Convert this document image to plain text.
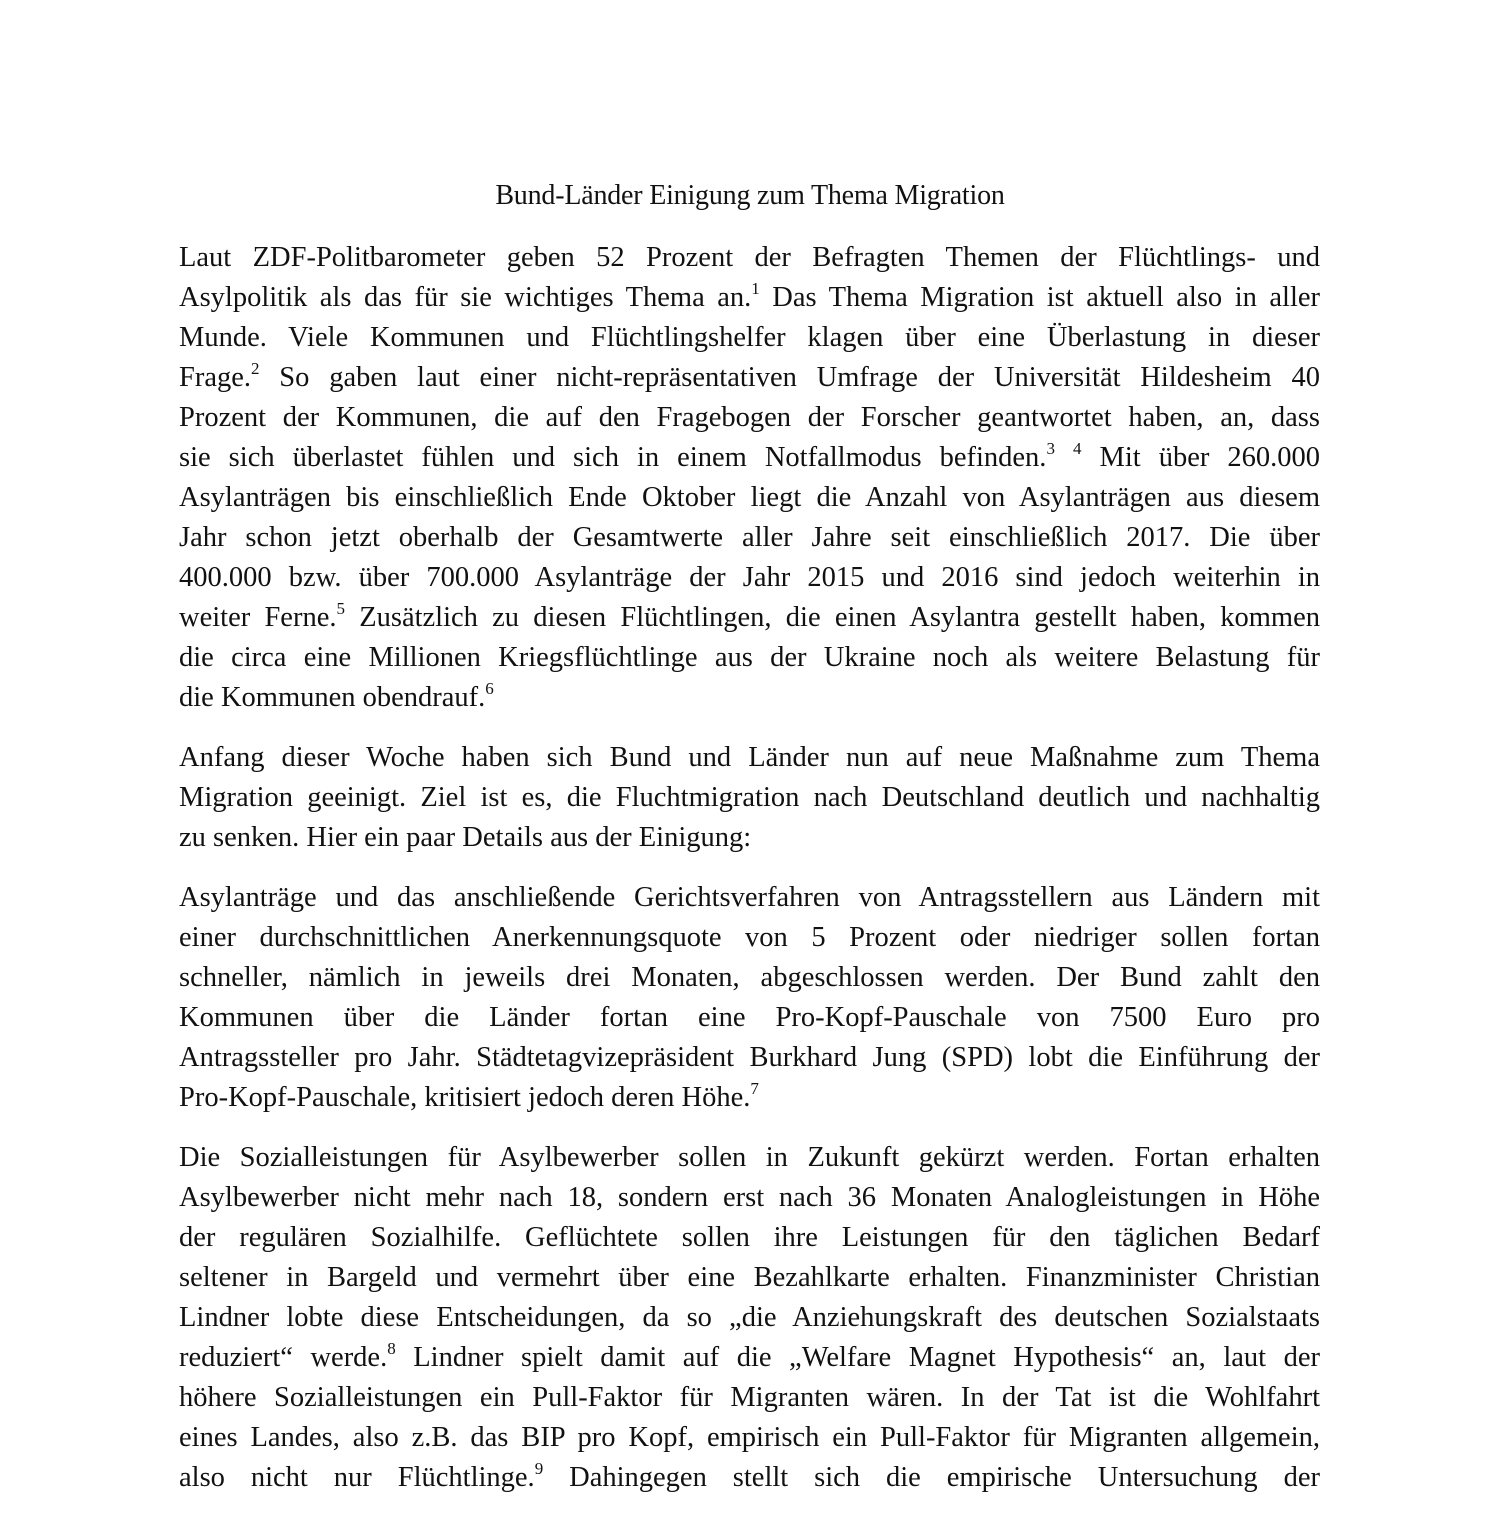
Bund-Länder Einigung zum Thema Migration
Laut ZDF-Politbarometer geben 52 Prozent der Befragten Themen der Flüchtlings- und
Asylpolitik als das für sie wichtiges Thema an.$^1$ Das Thema Migration ist aktuell also in aller
Munde. Viele Kommunen und Flüchtlingshelfer klagen über eine Überlastung in dieser
Frage.$^2$ So gaben laut einer nicht-repräsentativen Umfrage der Universität Hildesheim 40
Prozent der Kommunen, die auf den Fragebogen der Forscher geantwortet haben, an, dass
sie sich überlastet fühlen und sich in einem Notfallmodus befinden.$^3$ $^4$ Mit über 260.000
Asylanträgen bis einschließlich Ende Oktober liegt die Anzahl von Asylanträgen aus diesem
Jahr schon jetzt oberhalb der Gesamtwerte aller Jahre seit einschließlich 2017. Die über
400.000 bzw. über 700.000 Asylanträge der Jahr 2015 und 2016 sind jedoch weiterhin in
weiter Ferne.$^5$ Zusätzlich zu diesen Flüchtlingen, die einen Asylantra gestellt haben, kommen
die circa eine Millionen Kriegsflüchtlinge aus der Ukraine noch als weitere Belastung für
die Kommunen obendrauf.$^6$
Anfang dieser Woche haben sich Bund und Länder nun auf neue Maßnahme zum Thema
Migration geeinigt. Ziel ist es, die Fluchtmigration nach Deutschland deutlich und nachhaltig
zu senken. Hier ein paar Details aus der Einigung:
Asylanträge und das anschließende Gerichtsverfahren von Antragsstellern aus Ländern mit
einer durchschnittlichen Anerkennungsquote von 5 Prozent oder niedriger sollen fortan
schneller, nämlich in jeweils drei Monaten, abgeschlossen werden. Der Bund zahlt den
Kommunen über die Länder fortan eine Pro-Kopf-Pauschale von 7500 Euro pro
Antragssteller pro Jahr. Städtetagvizepräsident Burkhard Jung (SPD) lobt die Einführung der
Pro-Kopf-Pauschale, kritisiert jedoch deren Höhe.$^7$
Die Sozialleistungen für Asylbewerber sollen in Zukunft gekürzt werden. Fortan erhalten
Asylbewerber nicht mehr nach 18, sondern erst nach 36 Monaten Analogleistungen in Höhe
der regulären Sozialhilfe. Geflüchtete sollen ihre Leistungen für den täglichen Bedarf
seltener in Bargeld und vermehrt über eine Bezahlkarte erhalten. Finanzminister Christian
Lindner lobte diese Entscheidungen, da so „die Anziehungskraft des deutschen Sozialstaats
reduziert“ werde.$^8$ Lindner spielt damit auf die „Welfare Magnet Hypothesis“ an, laut der
höhere Sozialleistungen ein Pull-Faktor für Migranten wären. In der Tat ist die Wohlfahrt
eines Landes, also z.B. das BIP pro Kopf, empirisch ein Pull-Faktor für Migranten allgemein,
also nicht nur Flüchtlinge.$^9$ Dahingegen stellt sich die empirische Untersuchung der
